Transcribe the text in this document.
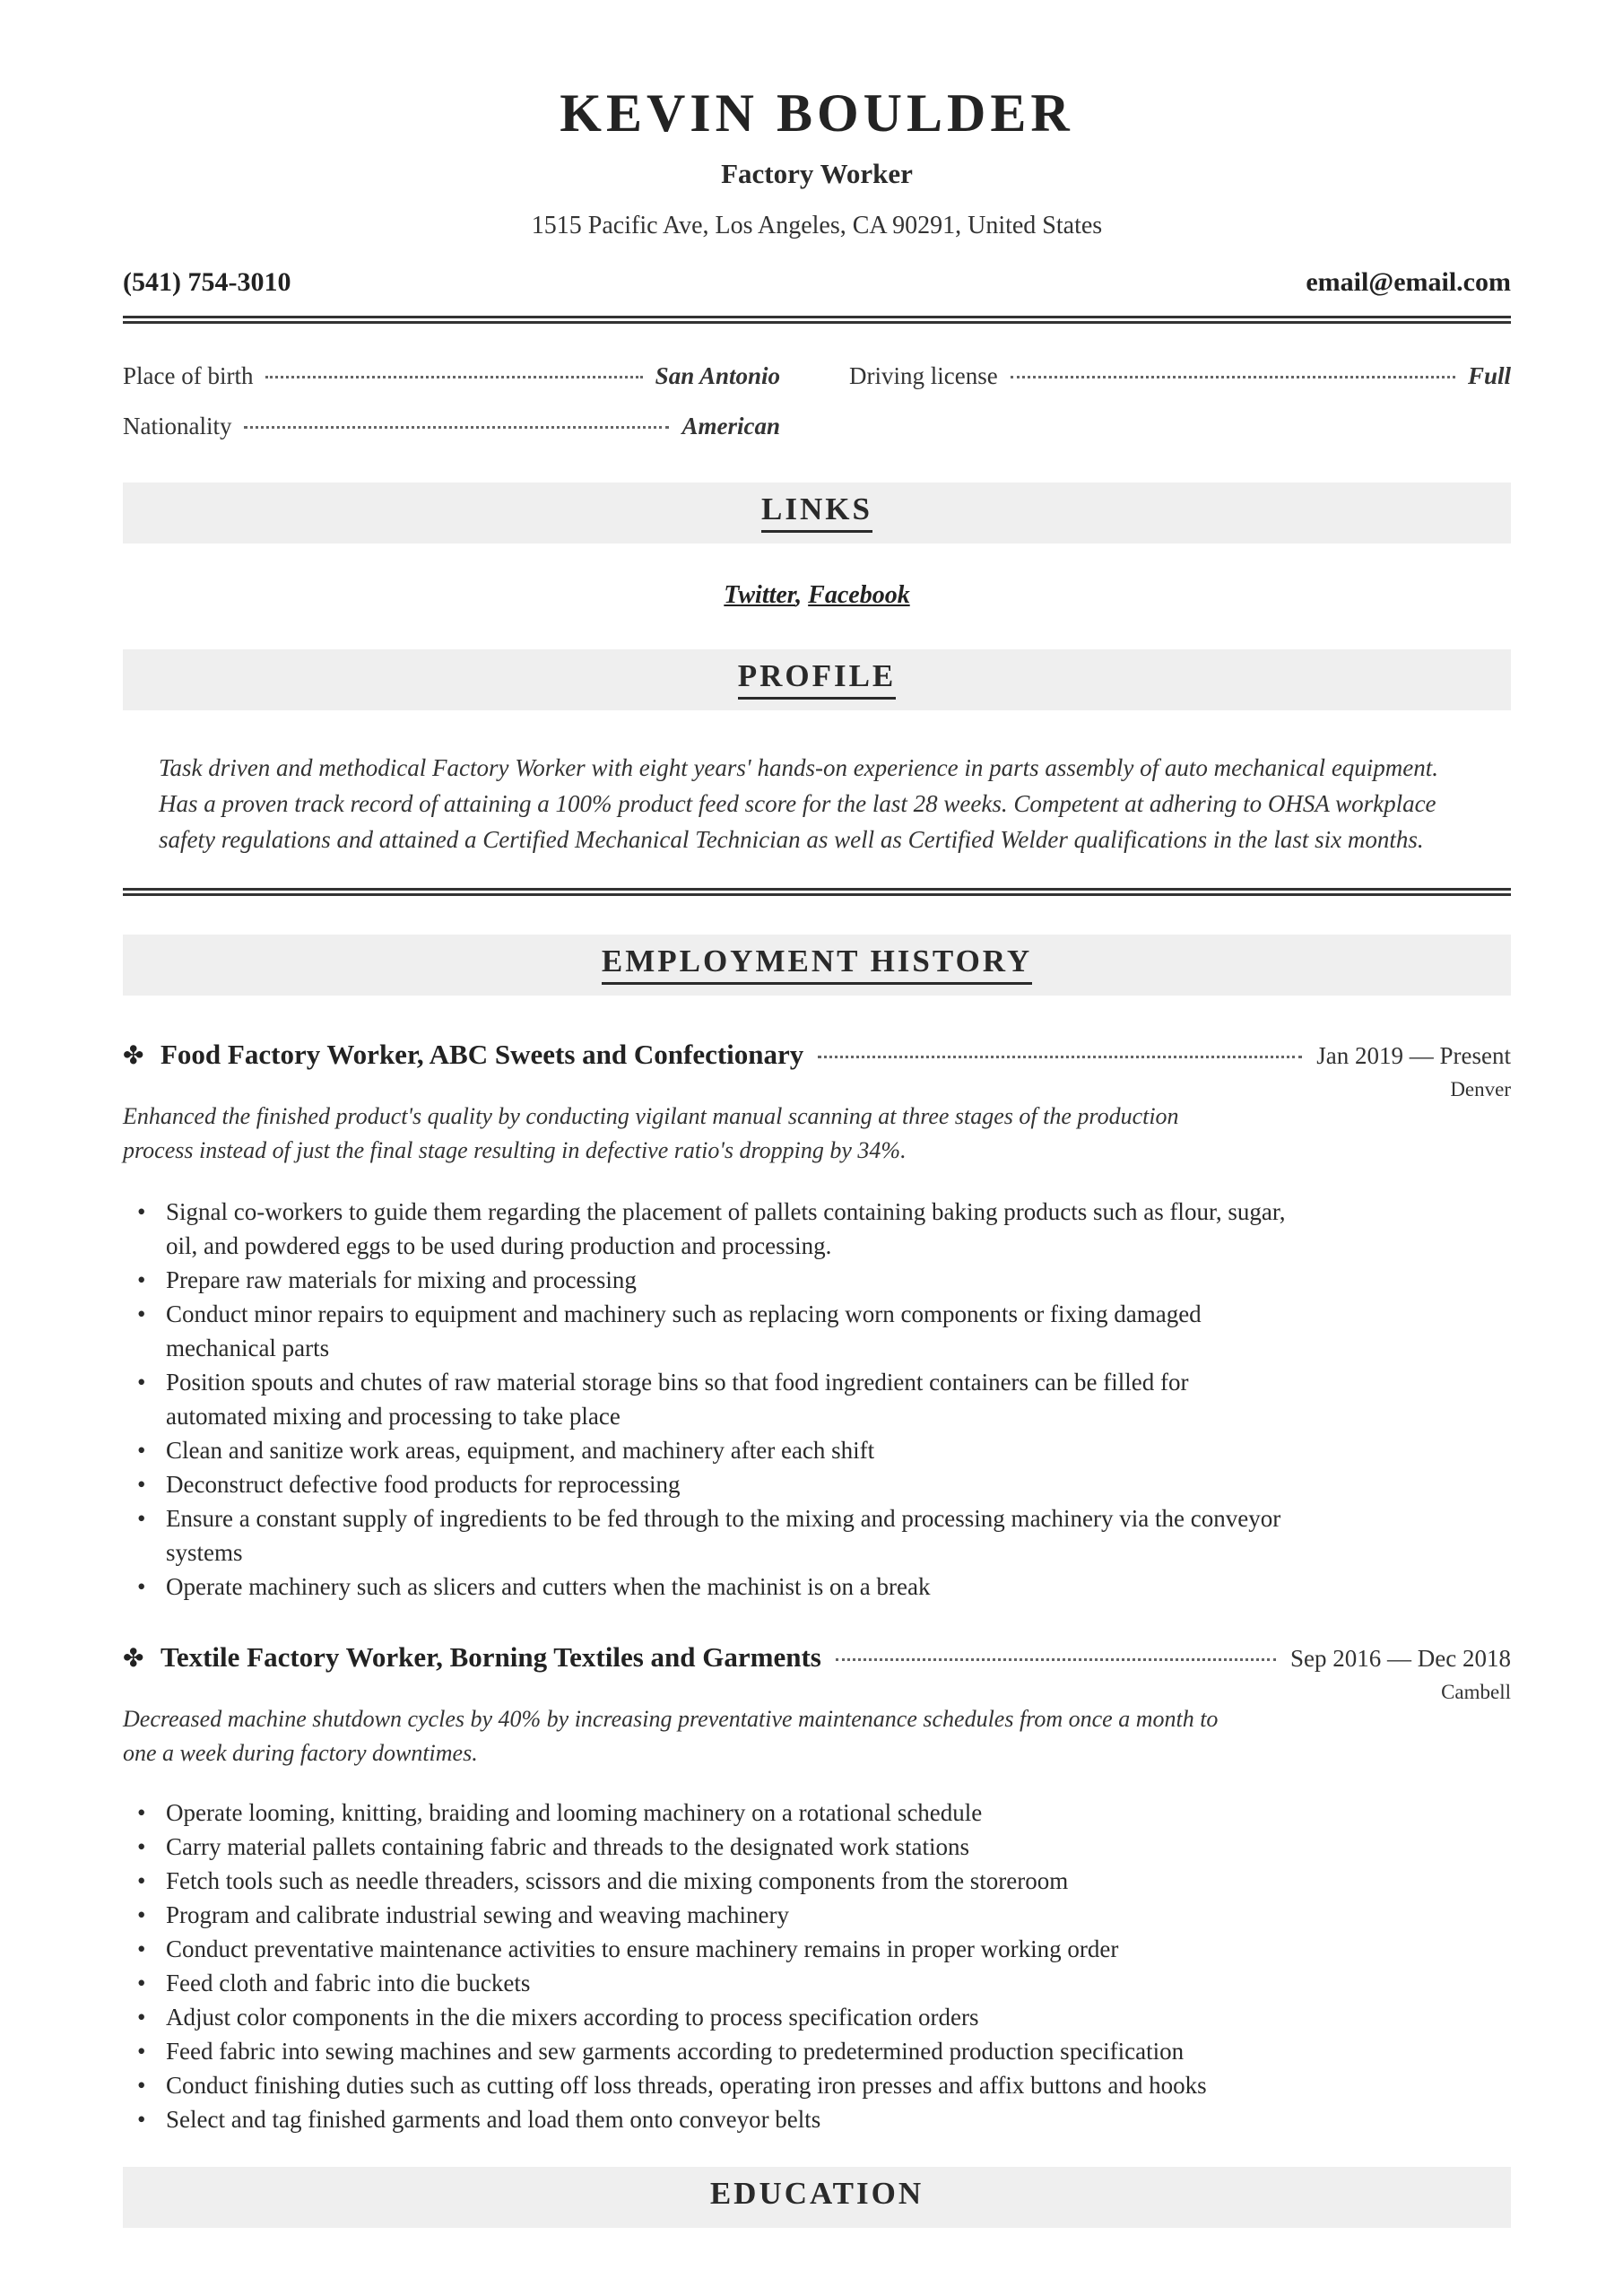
KEVIN BOULDER
Factory Worker
1515 Pacific Ave, Los Angeles, CA 90291, United States
(541) 754-3010	email@email.com
Place of birth	San Antonio	Driving license	Full
Nationality	American
LINKS
Twitter, Facebook
PROFILE
Task driven and methodical Factory Worker with eight years' hands-on experience in parts assembly of auto mechanical equipment. Has a proven track record of attaining a 100% product feed score for the last 28 weeks. Competent at adhering to OHSA workplace safety regulations and attained a Certified Mechanical Technician as well as Certified Welder qualifications in the last six months.
EMPLOYMENT HISTORY
✤ Food Factory Worker, ABC Sweets and Confectionary	Jan 2019 — Present
Denver
Enhanced the finished product's quality by conducting vigilant manual scanning at three stages of the production process instead of just the final stage resulting in defective ratio's dropping by 34%.
• Signal co-workers to guide them regarding the placement of pallets containing baking products such as flour, sugar, oil, and powdered eggs to be used during production and processing.
• Prepare raw materials for mixing and processing
• Conduct minor repairs to equipment and machinery such as replacing worn components or fixing damaged mechanical parts
• Position spouts and chutes of raw material storage bins so that food ingredient containers can be filled for automated mixing and processing to take place
• Clean and sanitize work areas, equipment, and machinery after each shift
• Deconstruct defective food products for reprocessing
• Ensure a constant supply of ingredients to be fed through to the mixing and processing machinery via the conveyor systems
• Operate machinery such as slicers and cutters when the machinist is on a break
✤ Textile Factory Worker, Borning Textiles and Garments	Sep 2016 — Dec 2018
Cambell
Decreased machine shutdown cycles by 40% by increasing preventative maintenance schedules from once a month to one a week during factory downtimes.
• Operate looming, knitting, braiding and looming machinery on a rotational schedule
• Carry material pallets containing fabric and threads to the designated work stations
• Fetch tools such as needle threaders, scissors and die mixing components from the storeroom
• Program and calibrate industrial sewing and weaving machinery
• Conduct preventative maintenance activities to ensure machinery remains in proper working order
• Feed cloth and fabric into die buckets
• Adjust color components in the die mixers according to process specification orders
• Feed fabric into sewing machines and sew garments according to predetermined production specification
• Conduct finishing duties such as cutting off loss threads, operating iron presses and affix buttons and hooks
• Select and tag finished garments and load them onto conveyor belts
EDUCATION
